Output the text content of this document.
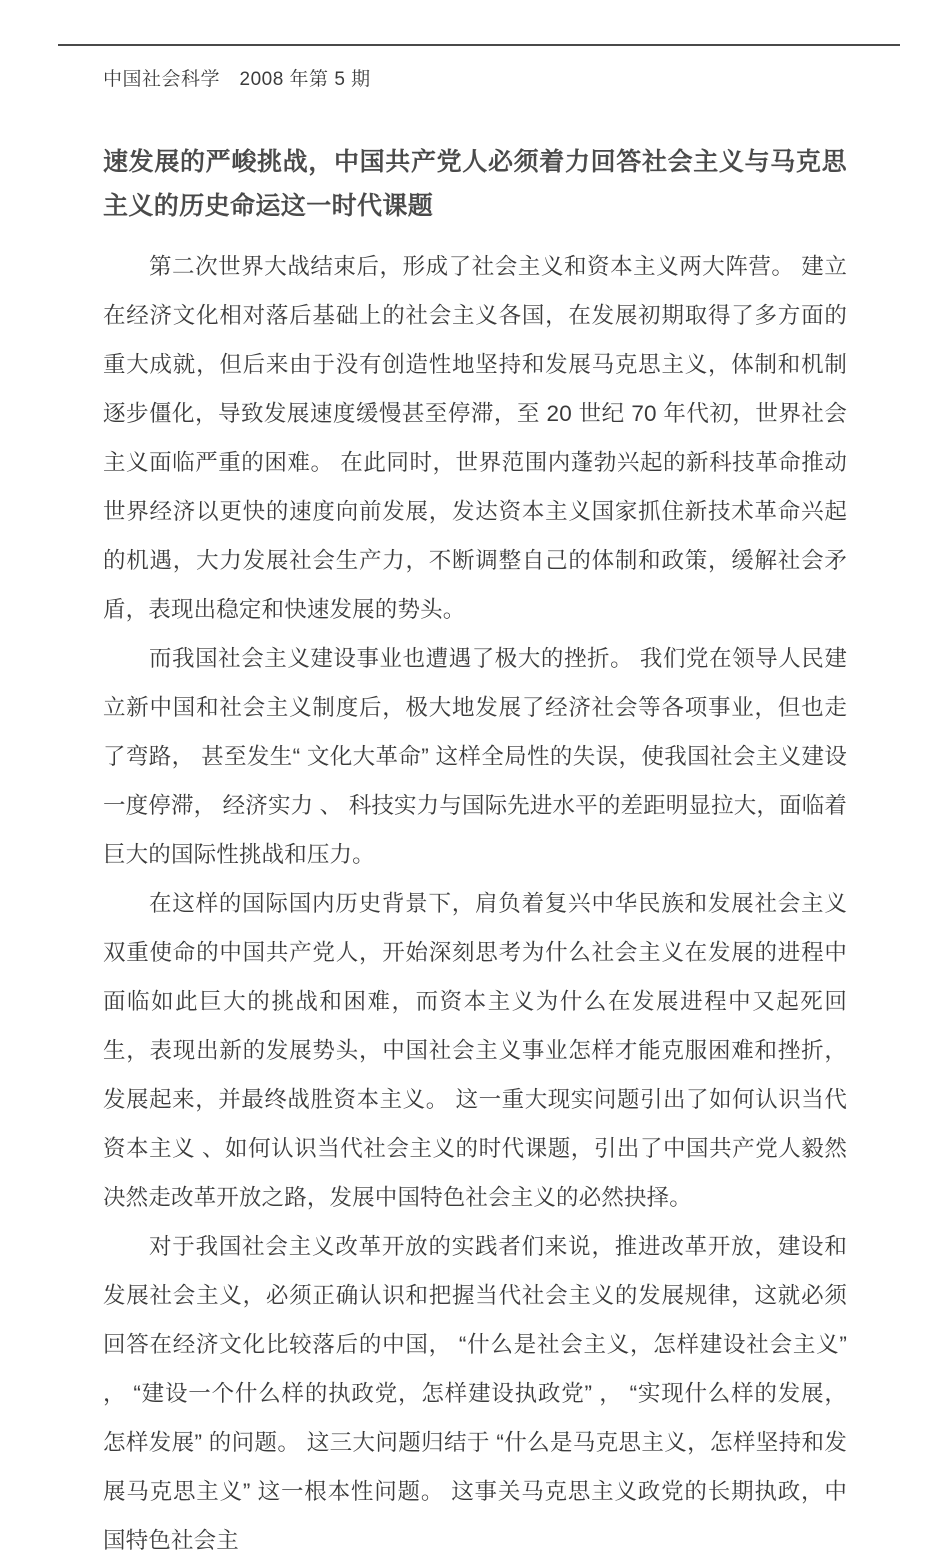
中国社会科学　2008 年第 5 期
速发展的严峻挑战，中国共产党人必须着力回答社会主义与马克思主义的历史命运这一时代课题

第二次世界大战结束后，形成了社会主义和资本主义两大阵营。 建立在经济文化相对落后基础上的社会主义各国，在发展初期取得了多方面的重大成就，但后来由于没有创造性地坚持和发展马克思主义，体制和机制逐步僵化，导致发展速度缓慢甚至停滞，至 20 世纪 70 年代初，世界社会主义面临严重的困难。 在此同时，世界范围内蓬勃兴起的新科技革命推动世界经济以更快的速度向前发展，发达资本主义国家抓住新技术革命兴起的机遇，大力发展社会生产力，不断调整自己的体制和政策，缓解社会矛盾，表现出稳定和快速发展的势头。

而我国社会主义建设事业也遭遇了极大的挫折。 我们党在领导人民建立新中国和社会主义制度后，极大地发展了经济社会等各项事业，但也走了弯路， 甚至发生“ 文化大革命” 这样全局性的失误，使我国社会主义建设一度停滞， 经济实力 、 科技实力与国际先进水平的差距明显拉大，面临着巨大的国际性挑战和压力。

在这样的国际国内历史背景下，肩负着复兴中华民族和发展社会主义双重使命的中国共产党人，开始深刻思考为什么社会主义在发展的进程中面临如此巨大的挑战和困难，而资本主义为什么在发展进程中又起死回生，表现出新的发展势头，中国社会主义事业怎样才能克服困难和挫折，发展起来，并最终战胜资本主义。 这一重大现实问题引出了如何认识当代资本主义 、如何认识当代社会主义的时代课题，引出了中国共产党人毅然决然走改革开放之路，发展中国特色社会主义的必然抉择。

对于我国社会主义改革开放的实践者们来说，推进改革开放，建设和发展社会主义，必须正确认识和把握当代社会主义的发展规律，这就必须回答在经济文化比较落后的中国， “什么是社会主义，怎样建设社会主义” ， “建设一个什么样的执政党，怎样建设执政党” ， “实现什么样的发展，怎样发展” 的问题。 这三大问题归结于 “什么是马克思主义，怎样坚持和发展马克思主义” 这一根本性问题。 这事关马克思主义政党的长期执政，中国特色社会主
